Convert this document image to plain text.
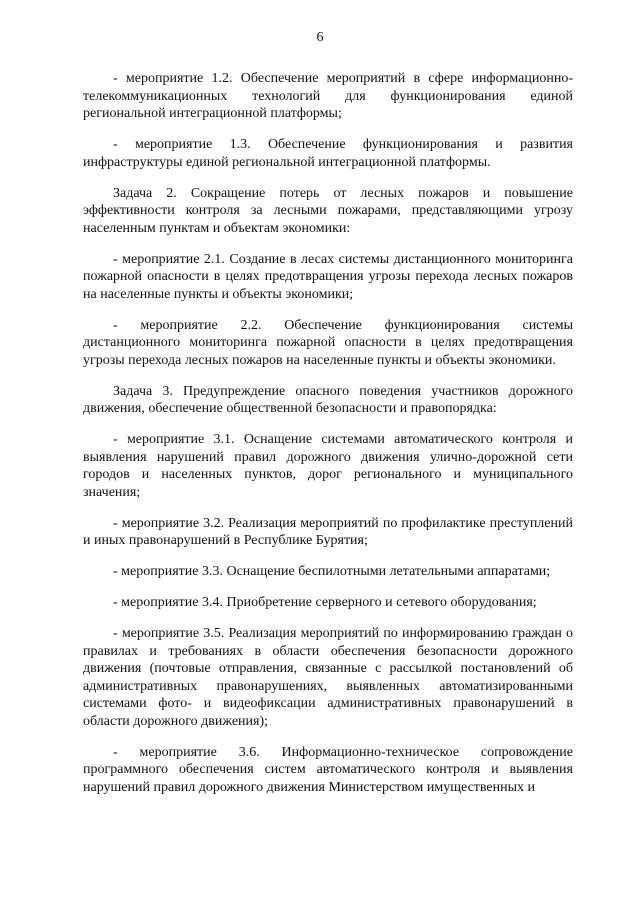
6

- мероприятие 1.2. Обеспечение мероприятий в сфере информационно-телекоммуникационных технологий для функционирования единой региональной интеграционной платформы;

- мероприятие 1.3. Обеспечение функционирования и развития инфраструктуры единой региональной интеграционной платформы.

Задача 2. Сокращение потерь от лесных пожаров и повышение эффективности контроля за лесными пожарами, представляющими угрозу населенным пунктам и объектам экономики:

- мероприятие 2.1. Создание в лесах системы дистанционного мониторинга пожарной опасности в целях предотвращения угрозы перехода лесных пожаров на населенные пункты и объекты экономики;

- мероприятие 2.2. Обеспечение функционирования системы дистанционного мониторинга пожарной опасности в целях предотвращения угрозы перехода лесных пожаров на населенные пункты и объекты экономики.

Задача 3. Предупреждение опасного поведения участников дорожного движения, обеспечение общественной безопасности и правопорядка:

- мероприятие 3.1. Оснащение системами автоматического контроля и выявления нарушений правил дорожного движения улично-дорожной сети городов и населенных пунктов, дорог регионального и муниципального значения;

- мероприятие 3.2. Реализация мероприятий по профилактике преступлений и иных правонарушений в Республике Бурятия;

- мероприятие 3.3. Оснащение беспилотными летательными аппаратами;

- мероприятие 3.4. Приобретение серверного и сетевого оборудования;

- мероприятие 3.5. Реализация мероприятий по информированию граждан о правилах и требованиях в области обеспечения безопасности дорожного движения (почтовые отправления, связанные с рассылкой постановлений об административных правонарушениях, выявленных автоматизированными системами фото- и видеофиксации административных правонарушений в области дорожного движения);

- мероприятие 3.6. Информационно-техническое сопровождение программного обеспечения систем автоматического контроля и выявления нарушений правил дорожного движения Министерством имущественных и
